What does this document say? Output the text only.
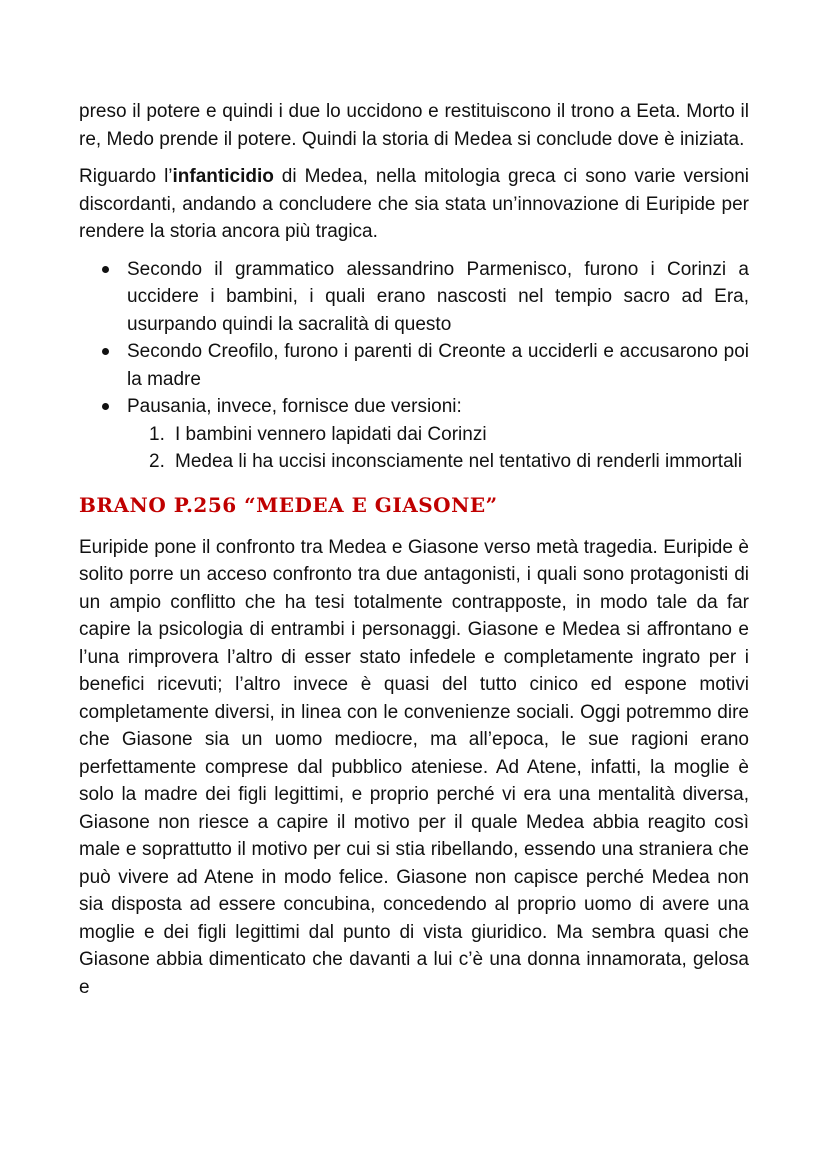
preso il potere e quindi i due lo uccidono e restituiscono il trono a Eeta. Morto il re, Medo prende il potere. Quindi la storia di Medea si conclude dove è iniziata.

Riguardo l’infanticidio di Medea, nella mitologia greca ci sono varie versioni discordanti, andando a concludere che sia stata un’innovazione di Euripide per rendere la storia ancora più tragica.

Secondo il grammatico alessandrino Parmenisco, furono i Corinzi a uccidere i bambini, i quali erano nascosti nel tempio sacro ad Era, usurpando quindi la sacralità di questo
Secondo Creofilo, furono i parenti di Creonte a ucciderli e accusarono poi la madre
Pausania, invece, fornisce due versioni:
1. I bambini vennero lapidati dai Corinzi
2. Medea li ha uccisi inconsciamente nel tentativo di renderli immortali
BRANO P.256 “MEDEA E GIASONE”

Euripide pone il confronto tra Medea e Giasone verso metà tragedia. Euripide è solito porre un acceso confronto tra due antagonisti, i quali sono protagonisti di un ampio conflitto che ha tesi totalmente contrapposte, in modo tale da far capire la psicologia di entrambi i personaggi. Giasone e Medea si affrontano e l’una rimprovera l’altro di esser stato infedele e completamente ingrato per i benefici ricevuti; l’altro invece è quasi del tutto cinico ed espone motivi completamente diversi, in linea con le convenienze sociali. Oggi potremmo dire che Giasone sia un uomo mediocre, ma all’epoca, le sue ragioni erano perfettamente comprese dal pubblico ateniese. Ad Atene, infatti, la moglie è solo la madre dei figli legittimi, e proprio perché vi era una mentalità diversa, Giasone non riesce a capire il motivo per il quale Medea abbia reagito così male e soprattutto il motivo per cui si stia ribellando, essendo una straniera che può vivere ad Atene in modo felice. Giasone non capisce perché Medea non sia disposta ad essere concubina, concedendo al proprio uomo di avere una moglie e dei figli legittimi dal punto di vista giuridico. Ma sembra quasi che Giasone abbia dimenticato che davanti a lui c’è una donna innamorata, gelosa e
